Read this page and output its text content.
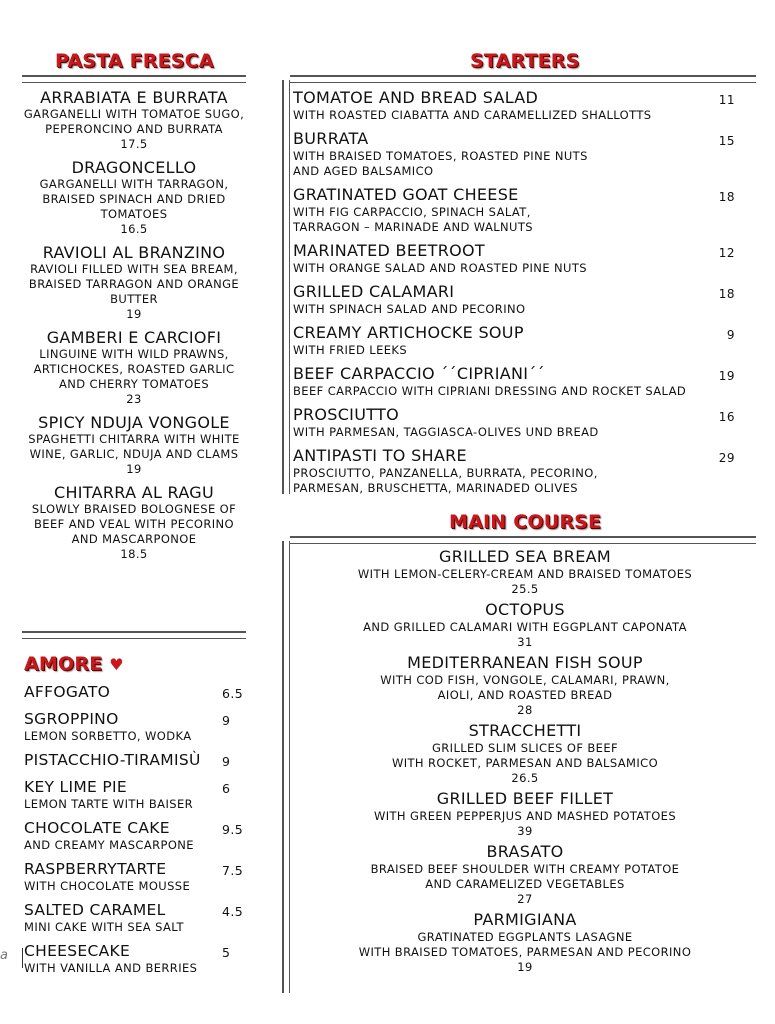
PASTA FRESCA	STARTERS
MAIN COURSE
AMORE ♥
ARRABIATA E BURRATA
GARGANELLI WITH TOMATOE SUGO, PEPERONCINO AND BURRATA
17.5
DRAGONCELLO
GARGANELLI WITH TARRAGON, BRAISED SPINACH AND DRIED TOMATOES
16.5
RAVIOLI AL BRANZINO
RAVIOLI FILLED WITH SEA BREAM, BRAISED TARRAGON AND ORANGE BUTTER
19
GAMBERI E CARCIOFI
LINGUINE WITH WILD PRAWNS, ARTICHOCKES, ROASTED GARLIC AND CHERRY TOMATOES
23
SPICY NDUJA VONGOLE
SPAGHETTI CHITARRA WITH WHITE WINE, GARLIC, NDUJA AND CLAMS
19
CHITARRA AL RAGU
SLOWLY BRAISED BOLOGNESE OF BEEF AND VEAL WITH PECORINO AND MASCARPONOE
18.5
TOMATOE AND BREAD SALAD
WITH ROASTED CIABATTA AND CARAMELLIZED SHALLOTTS
11
BURRATA
WITH BRAISED TOMATOES, ROASTED PINE NUTS
AND AGED BALSAMICO
15
GRATINATED GOAT CHEESE
WITH FIG CARPACCIO, SPINACH SALAT,
TARRAGON – MARINADE AND WALNUTS
18
MARINATED BEETROOT
WITH ORANGE SALAD AND ROASTED PINE NUTS
12
GRILLED CALAMARI
WITH SPINACH SALAD AND PECORINO
18
CREAMY ARTICHOCKE SOUP
WITH FRIED LEEKS
9
BEEF CARPACCIO ´´CIPRIANI´´
BEEF CARPACCIO WITH CIPRIANI DRESSING AND ROCKET SALAD
19
PROSCIUTTO
WITH PARMESAN, TAGGIASCA-OLIVES UND BREAD
16
ANTIPASTI TO SHARE
PROSCIUTTO, PANZANELLA, BURRATA, PECORINO,
PARMESAN, BRUSCHETTA, MARINADED OLIVES
29
GRILLED SEA BREAM
WITH LEMON-CELERY-CREAM AND BRAISED TOMATOES
25.5
OCTOPUS
AND GRILLED CALAMARI WITH EGGPLANT CAPONATA
31
MEDITERRANEAN FISH SOUP
WITH COD FISH, VONGOLE, CALAMARI, PRAWN,
AIOLI, AND ROASTED BREAD
28
STRACCHETTI
GRILLED SLIM SLICES OF BEEF
WITH ROCKET, PARMESAN AND BALSAMICO
26.5
GRILLED BEEF FILLET
WITH GREEN PEPPERJUS AND MASHED POTATOES
39
BRASATO
BRAISED BEEF SHOULDER WITH CREAMY POTATOE
AND CARAMELIZED VEGETABLES
27
PARMIGIANA
GRATINATED EGGPLANTS LASAGNE
WITH BRAISED TOMATOES, PARMESAN AND PECORINO
19
AFFOGATO	6.5
SGROPPINO
LEMON SORBETTO, WODKA
9
PISTACCHIO-TIRAMISÙ	9
KEY LIME PIE
LEMON TARTE WITH BAISER
6
CHOCOLATE CAKE
AND CREAMY MASCARPONE
9.5
RASPBERRYTARTE
WITH CHOCOLATE MOUSSE
7.5
SALTED CARAMEL
MINI CAKE WITH SEA SALT
4.5
CHEESECAKE
WITH VANILLA AND BERRIES
5
a
